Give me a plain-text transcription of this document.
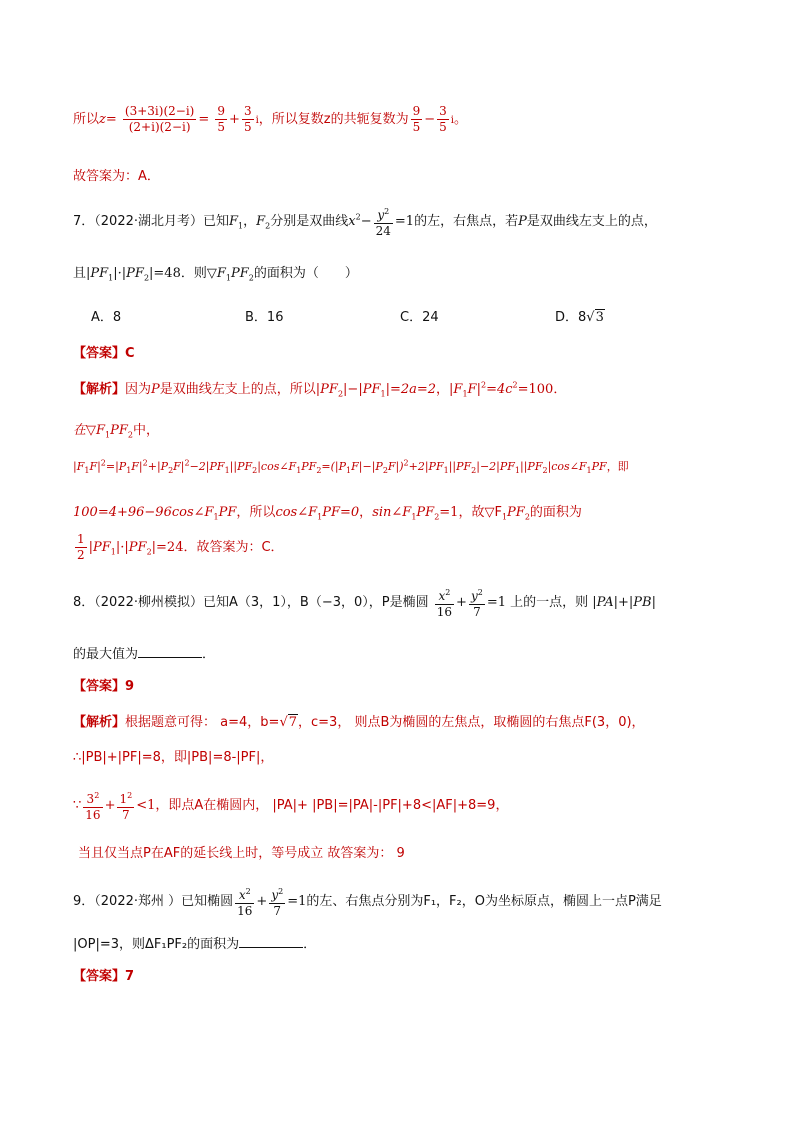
所以$z= \frac{(3+3i)(2-i)}{(2+i)(2-i)} = \frac{9}{5} + \frac{3}{5}$ i，所以复数z的共轭复数为 $\frac{9}{5} - \frac{3}{5}$ i。
故答案为：A．
7．（2022·湖北月考）已知$F_1$，$F_2$分别是双曲线$x^2- \frac{y^2}{24} =1$的左，右焦点，若P是双曲线左支上的点，
且$|PF_1|\cdot|PF_2|=48$．则$▽F_1PF_2$的面积为（　　）
A．8	B．16	C．24	D．8√3
【答案】C
【解析】因为P是双曲线左支上的点，所以$|PF_2|-|PF_1|=2a=2$，$|F_1F|^2=4c^2=100$．
在$▽F_1PF_2$中，
$|F_1F|^2=|P_1F|^2+|P_2F|^2-2|PF_1||PF_2|\cos\angle F_1PF_2=(|P_1F|-|P_2F|)^2+2|PF_1||PF_2|-2|PF_1||PF_2|\cos\angle F_1PF$，即
$100=4+96-96\cos\angle F_1PF$，所以$\cos\angle F_1PF=0$，$\sin\angle F_1PF_2=1$，故$▽F_1PF_2$的面积为
$\frac{1}{2} |PF_1|\cdot|PF_2|=24$．故答案为：C．
8．（2022·柳州模拟）已知A（3，1），B（−3，0），P是椭圆 $\frac{x^2}{16} + \frac{y^2}{7} =1$ 上的一点，则 |PA|+|PB|
的最大值为	．
【答案】9
【解析】根据题意可得： a=4，b=√7，c=3， 则点B为椭圆的左焦点，取椭圆的右焦点F(3，0)，
∴|PB|+|PF|=8，即|PB|=8-|PF|，
∵ $\frac{3^2}{16} + \frac{1^2}{7} <1$，即点A在椭圆内， |PA|+ |PB|=|PA|-|PF|+8<|AF|+8=9，
当且仅当点P在AF的延长线上时，等号成立 故答案为： 9
9．（2022·郑州 ）已知椭圆 $\frac{x^2}{16} + \frac{y^2}{7} =1$的左、右焦点分别为F₁，F₂，O为坐标原点，椭圆上一点P满足
|OP|=3，则ΔF₁PF₂的面积为	．
【答案】7
